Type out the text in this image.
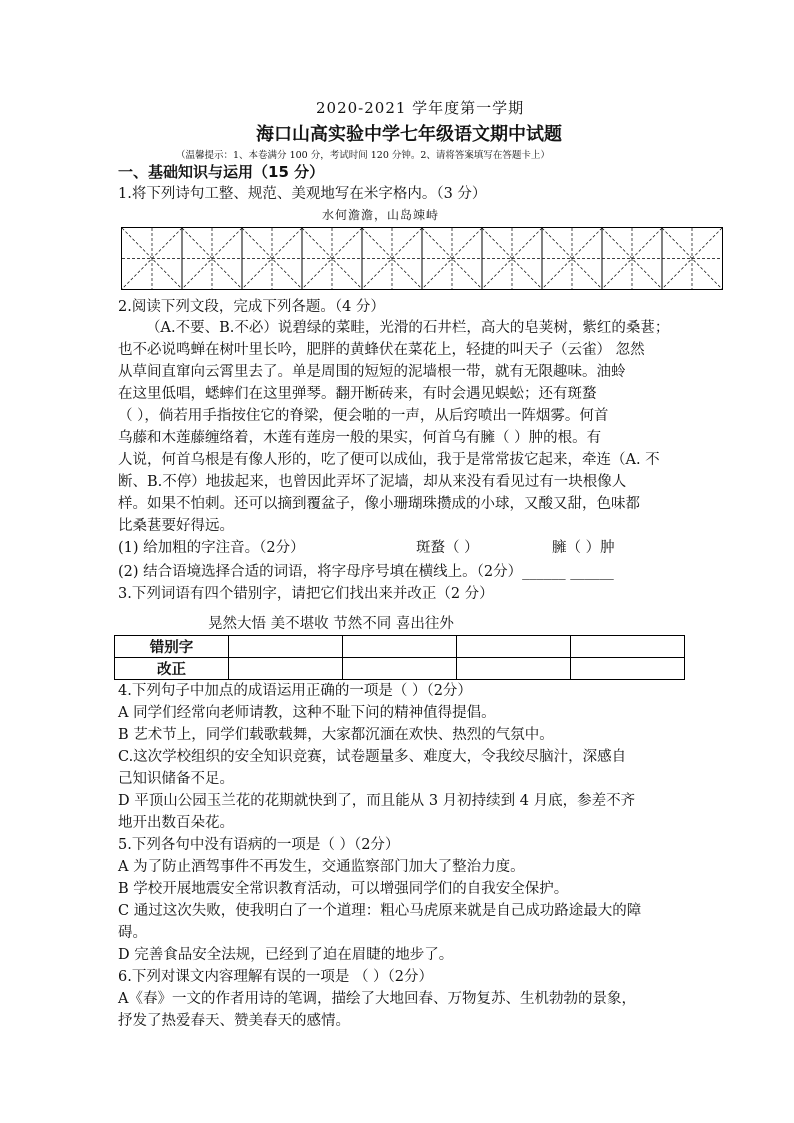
2020-2021 学年度第一学期
海口山高实验中学七年级语文期中试题
（温馨提示：1、本卷满分 100 分，考试时间 120 分钟。2、请将答案填写在答题卡上）
一、基础知识与运用（15 分）
1.将下列诗句工整、规范、美观地写在米字格内。（3 分）
水何澹澹，山岛竦峙
2.阅读下列文段，完成下列各题。（4 分）
（A.不要、B.不必）说碧绿的菜畦，光滑的石井栏，高大的皂荚树，紫红的桑葚；
也不必说鸣蝉在树叶里长吟，肥胖的黄蜂伏在菜花上，轻捷的叫天子（云雀） 忽然
从草间直窜向云霄里去了。单是周围的短短的泥墙根一带，就有无限趣味。油蛉
在这里低唱，蟋蟀们在这里弹琴。翻开断砖来，有时会遇见蜈蚣；还有斑蝥
（ ），倘若用手指按住它的脊梁，便会啪的一声，从后窍喷出一阵烟雾。何首
乌藤和木莲藤缠络着，木莲有莲房一般的果实，何首乌有臃（ ）肿的根。有
人说，何首乌根是有像人形的，吃了便可以成仙，我于是常常拔它起来，牵连（A. 不
断、B.不停）地拔起来，也曾因此弄坏了泥墙，却从来没有看见过有一块根像人
样。如果不怕刺。还可以摘到覆盆子，像小珊瑚珠攒成的小球，又酸又甜，色味都
比桑葚要好得远。
(1) 给加粗的字注音。（2分）	斑蝥（ ）	臃（ ）肿
(2) 结合语境选择合适的词语，将字母序号填在横线上。（2分）______ ______
3.下列词语有四个错别字，请把它们找出来并改正（2 分）
晃然大悟 美不堪收 节然不同 喜出往外
错别字				
改正				
4.下列句子中加点的成语运用正确的一项是（ ）（2分）
A 同学们经常向老师请教，这种不耻下问的精神值得提倡。
B 艺术节上，同学们载歌载舞，大家都沉湎在欢快、热烈的气氛中。
C.这次学校组织的安全知识竞赛，试卷题量多、难度大，令我绞尽脑汁，深感自
己知识储备不足。
D 平顶山公园玉兰花的花期就快到了，而且能从 3 月初持续到 4 月底，参差不齐
地开出数百朵花。
5.下列各句中没有语病的一项是（ ）（2分）
A 为了防止酒驾事件不再发生，交通监察部门加大了整治力度。
B 学校开展地震安全常识教育活动，可以增强同学们的自我安全保护。
C 通过这次失败，使我明白了一个道理：粗心马虎原来就是自己成功路途最大的障
碍。
D 完善食品安全法规，已经到了迫在眉睫的地步了。
6.下列对课文内容理解有误的一项是 （ ）（2分）
A《春》一文的作者用诗的笔调，描绘了大地回春、万物复苏、生机勃勃的景象，
抒发了热爱春天、赞美春天的感情。
